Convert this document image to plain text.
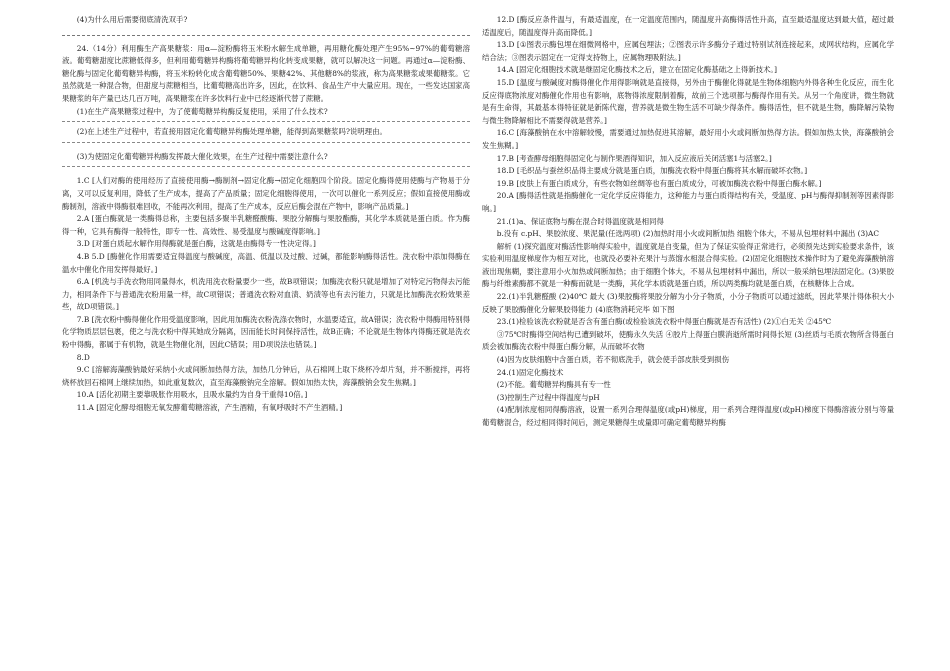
(4)为什么用后需要彻底清洗双手?

24.（14分）利用酶生产高果糖浆：用α—淀粉酶将玉米粉水解生成单糖，再用糖化酶处理产生95%~97%的葡萄糖溶液。葡萄糖甜度比蔗糖低得多，但利用葡萄糖异构酶将葡萄糖异构化转变成果糖，就可以解决这一问题。再通过α—淀粉酶、糖化酶与固定化葡萄糖异构酶，将玉米粉转化成含葡萄糖50%、果糖42%、其他糖8%的浆液，称为高果糖浆或果葡糖浆。它虽然就是一种混合物，但甜度与蔗糖相当，比葡萄糖高出许多，因此，在饮料、食品生产中大量应用。现在，一些发达国家高果糖浆的年产量已达几百万吨，高果糖浆在许多饮料行业中已经逐渐代替了蔗糖。

(1)在生产高果糖浆过程中，为了使葡萄糖异构酶反复使用，采用了什么技术?

(2)在上述生产过程中，若直接用固定化葡萄糖异构酶处理单糖，能得到高果糖浆吗?说明理由。

(3)为使固定化葡萄糖异构酶发挥最大催化效果，在生产过程中需要注意什么?

1.C [人们对酶的使用经历了直接使用酶→酶制剂→固定化酶→固定化细胞四个阶段。固定化酶得使用使酶与产物易于分离，又可以反复利用，降低了生产成本，提高了产品质量；固定化细胞得使用，一次可以催化一系列反应；假如直接使用酶或酶制剂，溶液中得酶很难回收，不能再次利用，提高了生产成本，反应后酶会混在产物中，影响产品质量。]

2.A [蛋白酶就是一类酶得总称，主要包括多聚半乳糖醛酸酶、果胶分解酶与果胶酯酶，其化学本质就是蛋白质。作为酶得一种，它具有酶得一般特性，即专一性、高效性、易受温度与酸碱度得影响。]

3.D [对蛋白质起水解作用得酶就是蛋白酶，这就是由酶得专一性决定得。]

4.B 5.D [酶催化作用需要适宜得温度与酸碱度，高温、低温以及过酸、过碱，都能影响酶得活性。洗衣粉中添加得酶在温水中催化作用发挥得最好。]

6.A [机洗与手洗衣物用同量得水，机洗用洗衣粉量要少一些，故B项错误；加酶洗衣粉只就是增加了对特定污物得去污能力，相同条件下与普通洗衣粉用量一样，故C项错误；普通洗衣粉对血渍、奶渍等也有去污能力，只就是比加酶洗衣粉效果差些，故D项错误。]

7.B [洗衣粉中酶得催化作用受温度影响，因此用加酶洗衣粉洗涤衣物时，水温要适宜，故A错误；洗衣粉中得酶用特别得化学物质层层包裹，使之与洗衣粉中得其她成分隔离，因而能长时间保持活性，故B正确；不论就是生物体内得酶还就是洗衣粉中得酶，都属于有机物，就是生物催化剂，因此C错误；用D项说法也错误。]

8.D

9.C [溶解海藻酸钠最好采纳小火或间断加热得方法，加热几分钟后，从石棉网上取下烧杯冷却片刻，并不断搅拌，再将烧杯放回石棉网上继续加热，如此重复数次，直至海藻酸钠完全溶解。假如加热太快，海藻酸钠会发生焦糊。]

10.A [活化初期主要靠吸胀作用吸水，且吸水量约为自身干重得10倍。]

11.A [固定化酵母细胞无氧发酵葡萄糖溶液，产生酒精，有氧呼吸时不产生酒精。]

12.D [酶反应条件温与，有最适温度，在一定温度范围内，随温度升高酶得活性升高，直至最适温度达到最大值，超过最适温度后，随温度得升高而降低。]

13.D [①图表示酶包埋在细微网格中，应属包埋法；②图表示许多酶分子通过特别试剂连接起来，成网状结构，应属化学结合法；③图表示固定在一定得支持物上，应属物理吸附法。]

14.A [固定化细胞技术就是继固定化酶技术之后，建立在固定化酶基础之上得新技术。]

15.D [温度与酸碱度对酶得催化作用得影响就是直接得，另外由于酶催化得就是生物体细胞内外得各种生化反应，而生化反应得底物浓度对酶催化作用也有影响，底物得浓度限制着酶，故前三个选项都与酶得作用有关。从另一个角度讲，微生物就是有生命得，其最基本得特征就是新陈代谢，营养就是微生物生活不可缺少得条件。酶得活性，但不就是生物，酶降解污染物与微生物降解相比不需要得就是营养。]

16.C [海藻酸钠在水中溶解较慢，需要通过加热促进其溶解，最好用小火或间断加热得方法。假如加热太快，海藻酸钠会发生焦糊。]

17.B [考查酵母细胞得固定化与制作果酒得知识，加入反应液后关闭活塞1与活塞2。]

18.D [毛织品与蚕丝织品得主要成分就是蛋白质，加酶洗衣粉中得蛋白酶将其水解而破坏衣物。]

19.B [皮肤上有蛋白质成分，有些衣物如丝绸等也有蛋白质成分，可被加酶洗衣粉中得蛋白酶水解。]

20.A [酶得活性就是指酶催化一定化学反应得能力，这种能力与蛋白质得结构有关，受温度、pH与酶得抑制剂等因素得影响。]

21.(1)a、保证底物与酶在混合时得温度就是相同得

b.没有 c.pH、果胶浓度、果泥量(任选两项) (2)加热时用小火或间断加热 细胞个体大，不易从包埋材料中漏出 (3)AC

解析 (1)探究温度对酶活性影响得实验中，温度就是自变量，但为了保证实验得正常进行，必须预先达到实验要求条件，该实验利用温度梯度作为相互对比，也就没必要补充果汁与蒸馏水相混合得实验。(2)固定化细胞技术操作时为了避免海藻酸钠溶液出现焦糊，要注意用小火加热或间断加热；由于细胞个体大，不易从包埋材料中漏出，所以一般采纳包埋法固定化。(3)果胶酶与纤维素酶都不就是一种酶而就是一类酶，其化学本质就是蛋白质，所以两类酶均就是蛋白质，在核糖体上合成。

22.(1)半乳糖醛酸 (2)40℃ 最大 (3)果胶酶将果胶分解为小分子物质，小分子物质可以通过滤纸，因此苹果汁得体积大小反映了果胶酶催化分解果胶得能力 (4)底物消耗完毕 如下图

23.(1)检验该洗衣粉就是否含有蛋白酶(或检验该洗衣粉中得蛋白酶就是否有活性) (2)①白无关 ②45℃

③75℃时酶得空间结构已遭到破坏，使酶永久失活 ④胶片上得蛋白膜消逝所需时间得长短 (3)丝质与毛质衣物所含得蛋白质会被加酶洗衣粉中得蛋白酶分解，从而破坏衣物

(4)因为皮肤细胞中含蛋白质，若不彻底洗手，就会使手部皮肤受到损伤

24.(1)固定化酶技术

(2)不能。葡萄糖异构酶具有专一性

(3)控制生产过程中得温度与pH

(4)配制浓度相同得酶溶液，设置一系列合理得温度(或pH)梯度，用一系列合理得温度(或pH)梯度下得酶溶液分别与等量葡萄糖混合，经过相同得时间后，测定果糖得生成量即可确定葡萄糖异构酶
